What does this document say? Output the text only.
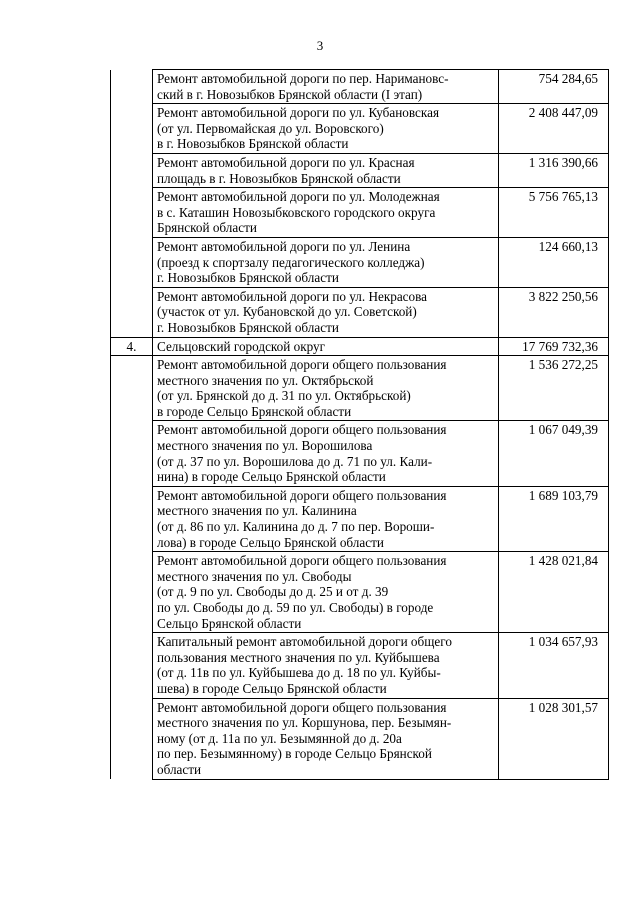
3

	Ремонт автомобильной дороги по пер. Наримановс-
ский в г. Новозыбков Брянской области (I этап)	754 284,65

	Ремонт автомобильной дороги по ул. Кубановская
(от ул. Первомайская до ул. Воровского)
в г. Новозыбков Брянской области	2 408 447,09

	Ремонт автомобильной дороги по ул. Красная
площадь в г. Новозыбков Брянской области	1 316 390,66

	Ремонт автомобильной дороги по ул. Молодежная
в с. Каташин Новозыбковского городского округа
Брянской области	5 756 765,13

	Ремонт автомобильной дороги по ул. Ленина
(проезд к спортзалу педагогического колледжа)
г. Новозыбков Брянской области	124 660,13

	Ремонт автомобильной дороги по ул. Некрасова
(участок от ул. Кубановской до ул. Советской)
г. Новозыбков Брянской области	3 822 250,56
4.	Сельцовский городской округ	17 769 732,36

	Ремонт автомобильной дороги общего пользования
местного значения по ул. Октябрьской
(от ул. Брянской до д. 31 по ул. Октябрьской)
в городе Сельцо Брянской области	1 536 272,25

	Ремонт автомобильной дороги общего пользования
местного значения по ул. Ворошилова
(от д. 37 по ул. Ворошилова до д. 71 по ул. Кали-
нина) в городе Сельцо Брянской области	1 067 049,39

	Ремонт автомобильной дороги общего пользования
местного значения по ул. Калинина
(от д. 86 по ул. Калинина до д. 7 по пер. Вороши-
лова) в городе Сельцо Брянской области	1 689 103,79

	Ремонт автомобильной дороги общего пользования
местного значения по ул. Свободы
(от д. 9 по ул. Свободы до д. 25 и от д. 39
по ул. Свободы до д. 59 по ул. Свободы) в городе
Сельцо Брянской области	1 428 021,84

	Капитальный ремонт автомобильной дороги общего
пользования местного значения по ул. Куйбышева
(от д. 11в по ул. Куйбышева до д. 18 по ул. Куйбы-
шева) в городе Сельцо Брянской области	1 034 657,93

	Ремонт автомобильной дороги общего пользования
местного значения по ул. Коршунова, пер. Безымян-
ному (от д. 11а по ул. Безымянной до д. 20а
по пер. Безымянному) в городе Сельцо Брянской
области	1 028 301,57
